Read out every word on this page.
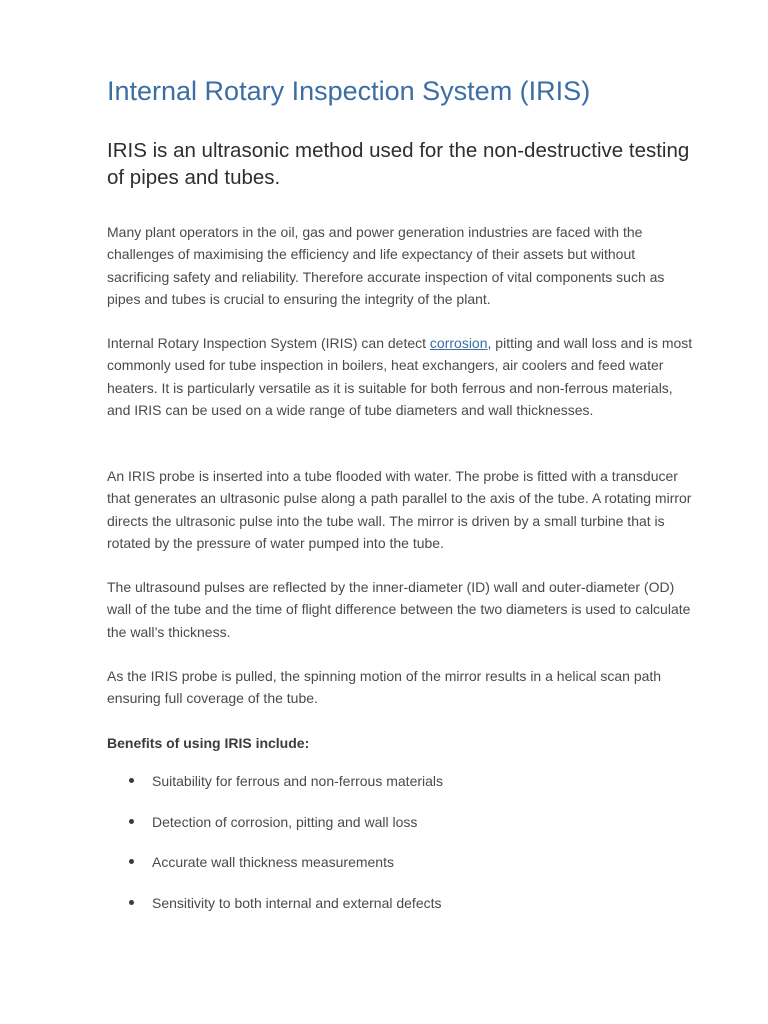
Internal Rotary Inspection System (IRIS)
IRIS is an ultrasonic method used for the non-destructive testing of pipes and tubes.

Many plant operators in the oil, gas and power generation industries are faced with the challenges of maximising the efficiency and life expectancy of their assets but without sacrificing safety and reliability. Therefore accurate inspection of vital components such as pipes and tubes is crucial to ensuring the integrity of the plant.

Internal Rotary Inspection System (IRIS) can detect corrosion, pitting and wall loss and is most commonly used for tube inspection in boilers, heat exchangers, air coolers and feed water heaters. It is particularly versatile as it is suitable for both ferrous and non-ferrous materials, and IRIS can be used on a wide range of tube diameters and wall thicknesses.

An IRIS probe is inserted into a tube flooded with water. The probe is fitted with a transducer that generates an ultrasonic pulse along a path parallel to the axis of the tube. A rotating mirror directs the ultrasonic pulse into the tube wall. The mirror is driven by a small turbine that is rotated by the pressure of water pumped into the tube.

The ultrasound pulses are reflected by the inner-diameter (ID) wall and outer-diameter (OD) wall of the tube and the time of flight difference between the two diameters is used to calculate the wall’s thickness.

As the IRIS probe is pulled, the spinning motion of the mirror results in a helical scan path ensuring full coverage of the tube.

Benefits of using IRIS include:

Suitability for ferrous and non-ferrous materials
Detection of corrosion, pitting and wall loss
Accurate wall thickness measurements
Sensitivity to both internal and external defects
